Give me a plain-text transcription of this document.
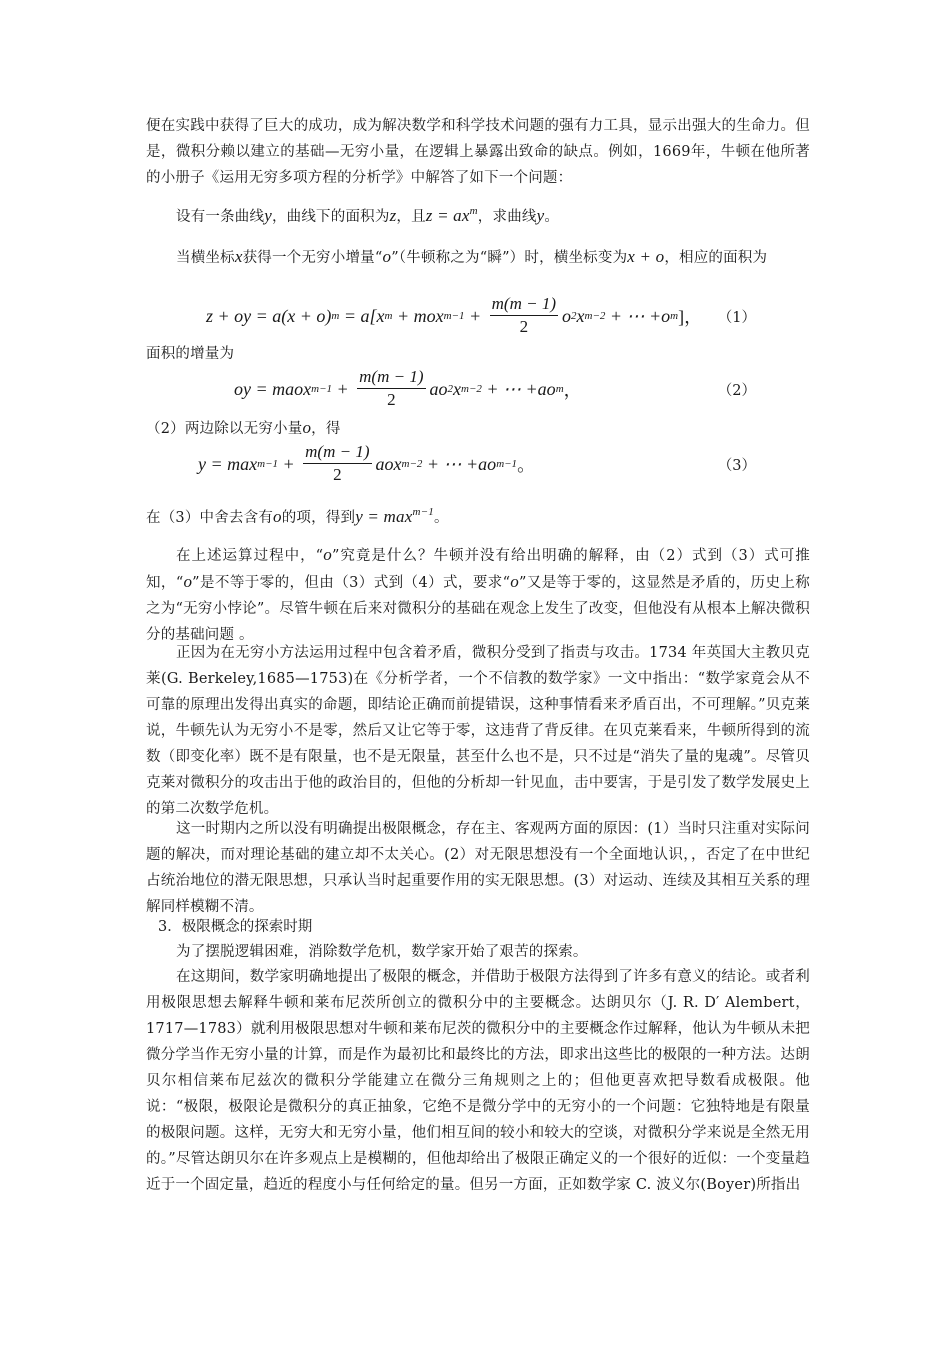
便在实践中获得了巨大的成功，成为解决数学和科学技术问题的强有力工具，显示出强大的生命力。但是，微积分赖以建立的基础—无穷小量，在逻辑上暴露出致命的缺点。例如，1669年，牛顿在他所著的小册子《运用无穷多项方程的分析学》中解答了如下一个问题：

设有一条曲线y，曲线下的面积为z，且$z = ax^m$，求曲线y。

当横坐标x获得一个无穷小增量“o”（牛顿称之为“瞬”）时，横坐标变为x + o，相应的面积为

z + oy = a(x + o) m = a[x m + mox $m-1 + \frac{m(m - 1)}{2}$ o 2 x m−2 + ⋯ +o m ]， （1）

面积的增量为

oy = maox $m-1 + \frac{m(m - 1)}{2}$ ao 2 x m−2 + ⋯ +ao m ，	（2）

（2）两边除以无穷小量o，得

$y = \max m-1 + \frac{m(m - 1)}{2}$ aox m−2 + ⋯ +ao m−1 。	（3）

在（3）中舍去含有o的项，得到$y = \max^{m-1}$。

在上述运算过程中，“o”究竟是什么？牛顿并没有给出明确的解释，由（2）式到（3）式可推知，“o”是不等于零的，但由（3）式到（4）式，要求“o”又是等于零的，这显然是矛盾的，历史上称之为“无穷小悖论”。尽管牛顿在后来对微积分的基础在观念上发生了改变，但他没有从根本上解决微积分的基础问题 。

正因为在无穷小方法运用过程中包含着矛盾，微积分受到了指责与攻击。1734 年英国大主教贝克莱(G. Berkeley,1685—1753)在《分析学者，一个不信教的数学家》一文中指出：“数学家竟会从不可靠的原理出发得出真实的命题，即结论正确而前提错误，这种事情看来矛盾百出，不可理解。”贝克莱说，牛顿先认为无穷小不是零，然后又让它等于零，这违背了背反律。在贝克莱看来，牛顿所得到的流数（即变化率）既不是有限量，也不是无限量，甚至什么也不是，只不过是“消失了量的鬼魂”。尽管贝克莱对微积分的攻击出于他的政治目的，但他的分析却一针见血，击中要害，于是引发了数学发展史上的第二次数学危机。

这一时期内之所以没有明确提出极限概念，存在主、客观两方面的原因：(1）当时只注重对实际问题的解决，而对理论基础的建立却不太关心。(2）对无限思想没有一个全面地认识，，否定了在中世纪占统治地位的潜无限思想，只承认当时起重要作用的实无限思想。(3）对运动、连续及其相互关系的理解同样模糊不清。

3．极限概念的探索时期

为了摆脱逻辑困难，消除数学危机，数学家开始了艰苦的探索。

在这期间，数学家明确地提出了极限的概念，并借助于极限方法得到了许多有意义的结论。或者利用极限思想去解释牛顿和莱布尼茨所创立的微积分中的主要概念。达朗贝尔（J. R. D′ Alembert，1717—1783）就利用极限思想对牛顿和莱布尼茨的微积分中的主要概念作过解释，他认为牛顿从未把微分学当作无穷小量的计算，而是作为最初比和最终比的方法，即求出这些比的极限的一种方法。达朗贝尔相信莱布尼兹次的微积分学能建立在微分三角规则之上的；但他更喜欢把导数看成极限。他说：“极限，极限论是微积分的真正抽象，它绝不是微分学中的无穷小的一个问题：它独特地是有限量的极限问题。这样，无穷大和无穷小量，他们相互间的较小和较大的空谈，对微积分学来说是全然无用的。”尽管达朗贝尔在许多观点上是模糊的，但他却给出了极限正确定义的一个很好的近似：一个变量趋近于一个固定量，趋近的程度小与任何给定的量。但另一方面，正如数学家 C. 波义尔(Boyer)所指出
